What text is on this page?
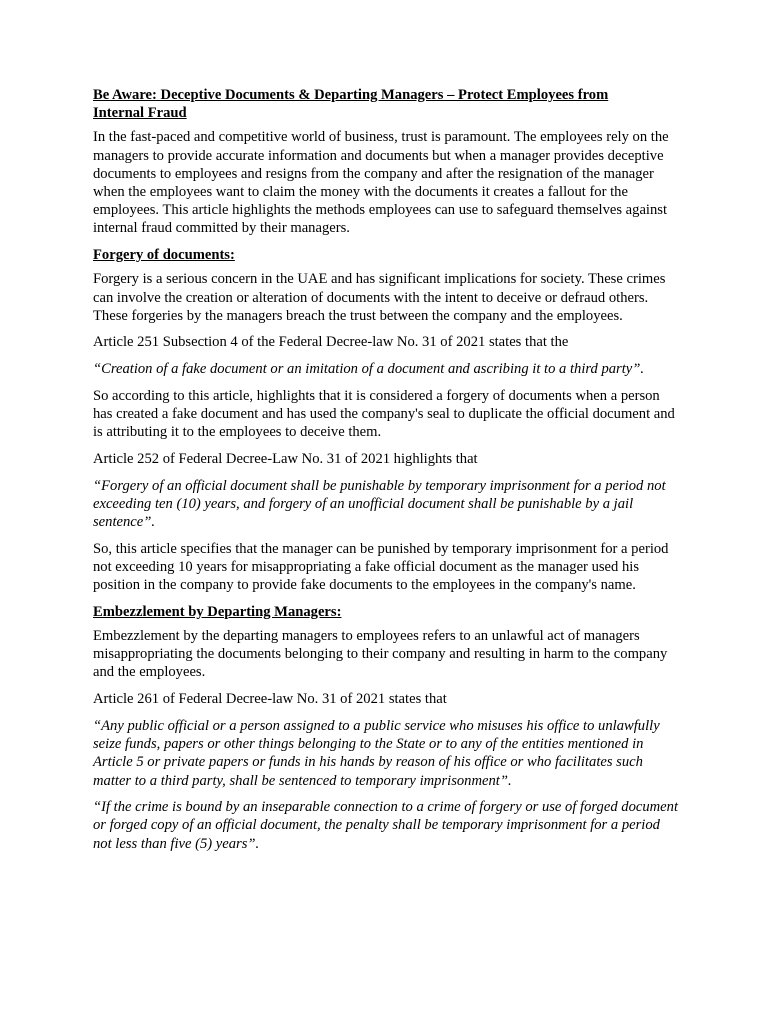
Be Aware: Deceptive Documents & Departing Managers – Protect Employees from Internal Fraud
In the fast-paced and competitive world of business, trust is paramount. The employees rely on the managers to provide accurate information and documents but when a manager provides deceptive documents to employees and resigns from the company and after the resignation of the manager when the employees want to claim the money with the documents it creates a fallout for the employees. This article highlights the methods employees can use to safeguard themselves against internal fraud committed by their managers.
Forgery of documents:
Forgery is a serious concern in the UAE and has significant implications for society. These crimes can involve the creation or alteration of documents with the intent to deceive or defraud others. These forgeries by the managers breach the trust between the company and the employees.
Article 251 Subsection 4 of the Federal Decree-law No. 31 of 2021 states that the
“Creation of a fake document or an imitation of a document and ascribing it to a third party”.
So according to this article, highlights that it is considered a forgery of documents when a person has created a fake document and has used the company's seal to duplicate the official document and is attributing it to the employees to deceive them.
Article 252 of Federal Decree-Law No. 31 of 2021 highlights that
“Forgery of an official document shall be punishable by temporary imprisonment for a period not exceeding ten (10) years, and forgery of an unofficial document shall be punishable by a jail sentence”.
So, this article specifies that the manager can be punished by temporary imprisonment for a period not exceeding 10 years for misappropriating a fake official document as the manager used his position in the company to provide fake documents to the employees in the company's name.
Embezzlement by Departing Managers:
Embezzlement by the departing managers to employees refers to an unlawful act of managers misappropriating the documents belonging to their company and resulting in harm to the company and the employees.
Article 261 of Federal Decree-law No. 31 of 2021 states that
“Any public official or a person assigned to a public service who misuses his office to unlawfully seize funds, papers or other things belonging to the State or to any of the entities mentioned in Article 5 or private papers or funds in his hands by reason of his office or who facilitates such matter to a third party, shall be sentenced to temporary imprisonment”.
“If the crime is bound by an inseparable connection to a crime of forgery or use of forged document or forged copy of an official document, the penalty shall be temporary imprisonment for a period not less than five (5) years”.
